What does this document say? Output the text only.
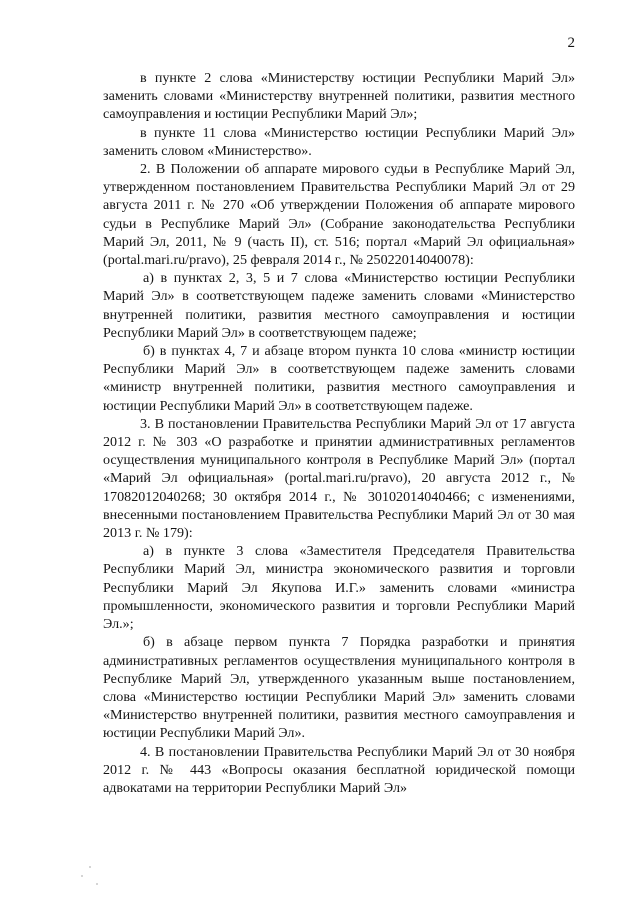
2

в пункте 2 слова «Министерству юстиции Республики Марий Эл» заменить словами «Министерству внутренней политики, развития местного самоуправления и юстиции Республики Марий Эл»;

в пункте 11 слова «Министерство юстиции Республики Марий Эл» заменить словом «Министерство».

2. В Положении об аппарате мирового судьи в Республике Марий Эл, утвержденном постановлением Правительства Республики Марий Эл от 29 августа 2011 г. № 270 «Об утверждении Положения об аппарате мирового судьи в Республике Марий Эл» (Собрание законодательства Республики Марий Эл, 2011, № 9 (часть II), ст. 516; портал «Марий Эл официальная» (portal.mari.ru/pravo), 25 февраля 2014 г., № 25022014040078):

а) в пунктах 2, 3, 5 и 7 слова «Министерство юстиции Республики Марий Эл» в соответствующем падеже заменить словами «Министерство внутренней политики, развития местного самоуправления и юстиции Республики Марий Эл» в соответствующем падеже;

б) в пунктах 4, 7 и абзаце втором пункта 10 слова «министр юстиции Республики Марий Эл» в соответствующем падеже заменить словами «министр внутренней политики, развития местного самоуправления и юстиции Республики Марий Эл» в соответствующем падеже.

3. В постановлении Правительства Республики Марий Эл от 17 августа 2012 г. № 303 «О разработке и принятии административных регламентов осуществления муниципального контроля в Республике Марий Эл» (портал «Марий Эл официальная» (portal.mari.ru/pravo), 20 августа 2012 г., № 17082012040268; 30 октября 2014 г., № 30102014040466; с изменениями, внесенными постановлением Правительства Республики Марий Эл от 30 мая 2013 г. № 179):

а) в пункте 3 слова «Заместителя Председателя Правительства Республики Марий Эл, министра экономического развития и торговли Республики Марий Эл Якупова И.Г.» заменить словами «министра промышленности, экономического развития и торговли Республики Марий Эл.»;

б) в абзаце первом пункта 7 Порядка разработки и принятия административных регламентов осуществления муниципального контроля в Республике Марий Эл, утвержденного указанным выше постановлением, слова «Министерство юстиции Республики Марий Эл» заменить словами «Министерство внутренней политики, развития местного самоуправления и юстиции Республики Марий Эл».

4. В постановлении Правительства Республики Марий Эл от 30 ноября 2012 г. № 443 «Вопросы оказания бесплатной юридической помощи адвокатами на территории Республики Марий Эл»
